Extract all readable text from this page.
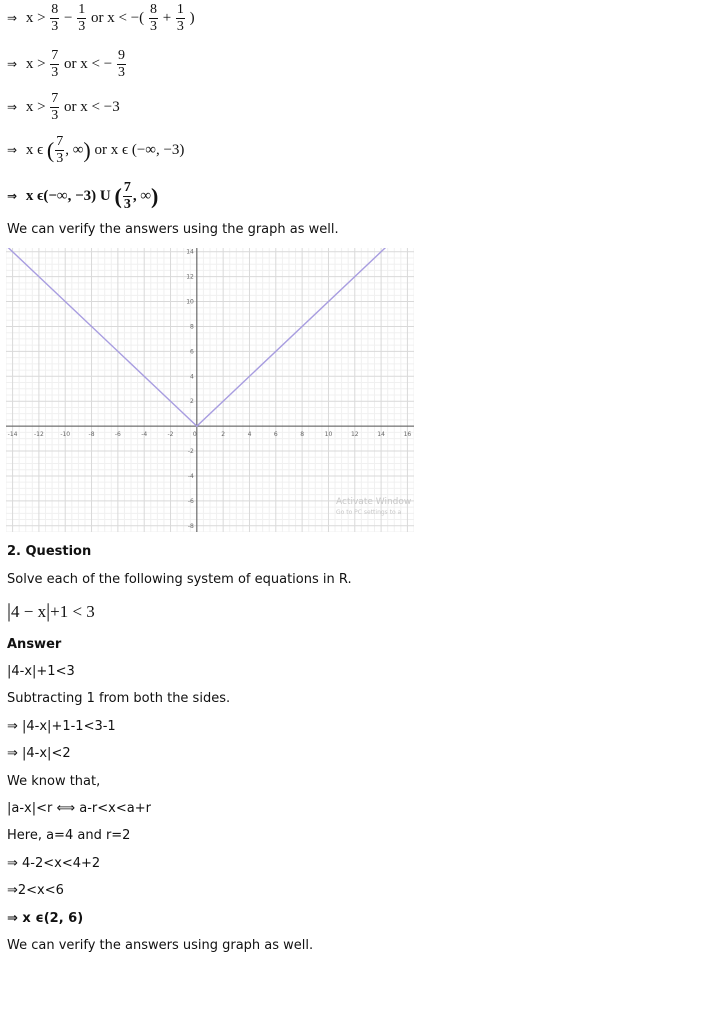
⇒ $x > \frac{8}{3} - \frac{1}{3}$ or x < −( $\frac{8}{3} + \frac{1}{3}$ )
⇒ $x > \frac{7}{3}$ or x < − $\frac{9}{3}$
⇒ $x > \frac{7}{3}$ or x < −3
⇒ x ϵ ( $\frac{7}{3}$ , ∞) or x ϵ (−∞, −3)
⇒ x ϵ(−∞, −3) U ( $\frac{7}{3}$ , ∞)
We can verify the answers using the graph as well.
-14	-12	-10	-8	-6	-4	-2	0	2	4	6	8	10	12	14	16
14
12
10
8
6
4
2
-2
-4
-6
-8
Activate Window
Go to PC settings to a
2. Question
Solve each of the following system of equations in R.
|4 − x|+1 < 3
Answer
|4-x|+1<3
Subtracting 1 from both the sides.
⇒ |4-x|+1-1<3-1
⇒ |4-x|<2
We know that,
|a-x|<r ⟺ a-r<x<a+r
Here, a=4 and r=2
⇒ 4-2<x<4+2
⇒2<x<6
⇒ x ϵ(2, 6)
We can verify the answers using graph as well.
